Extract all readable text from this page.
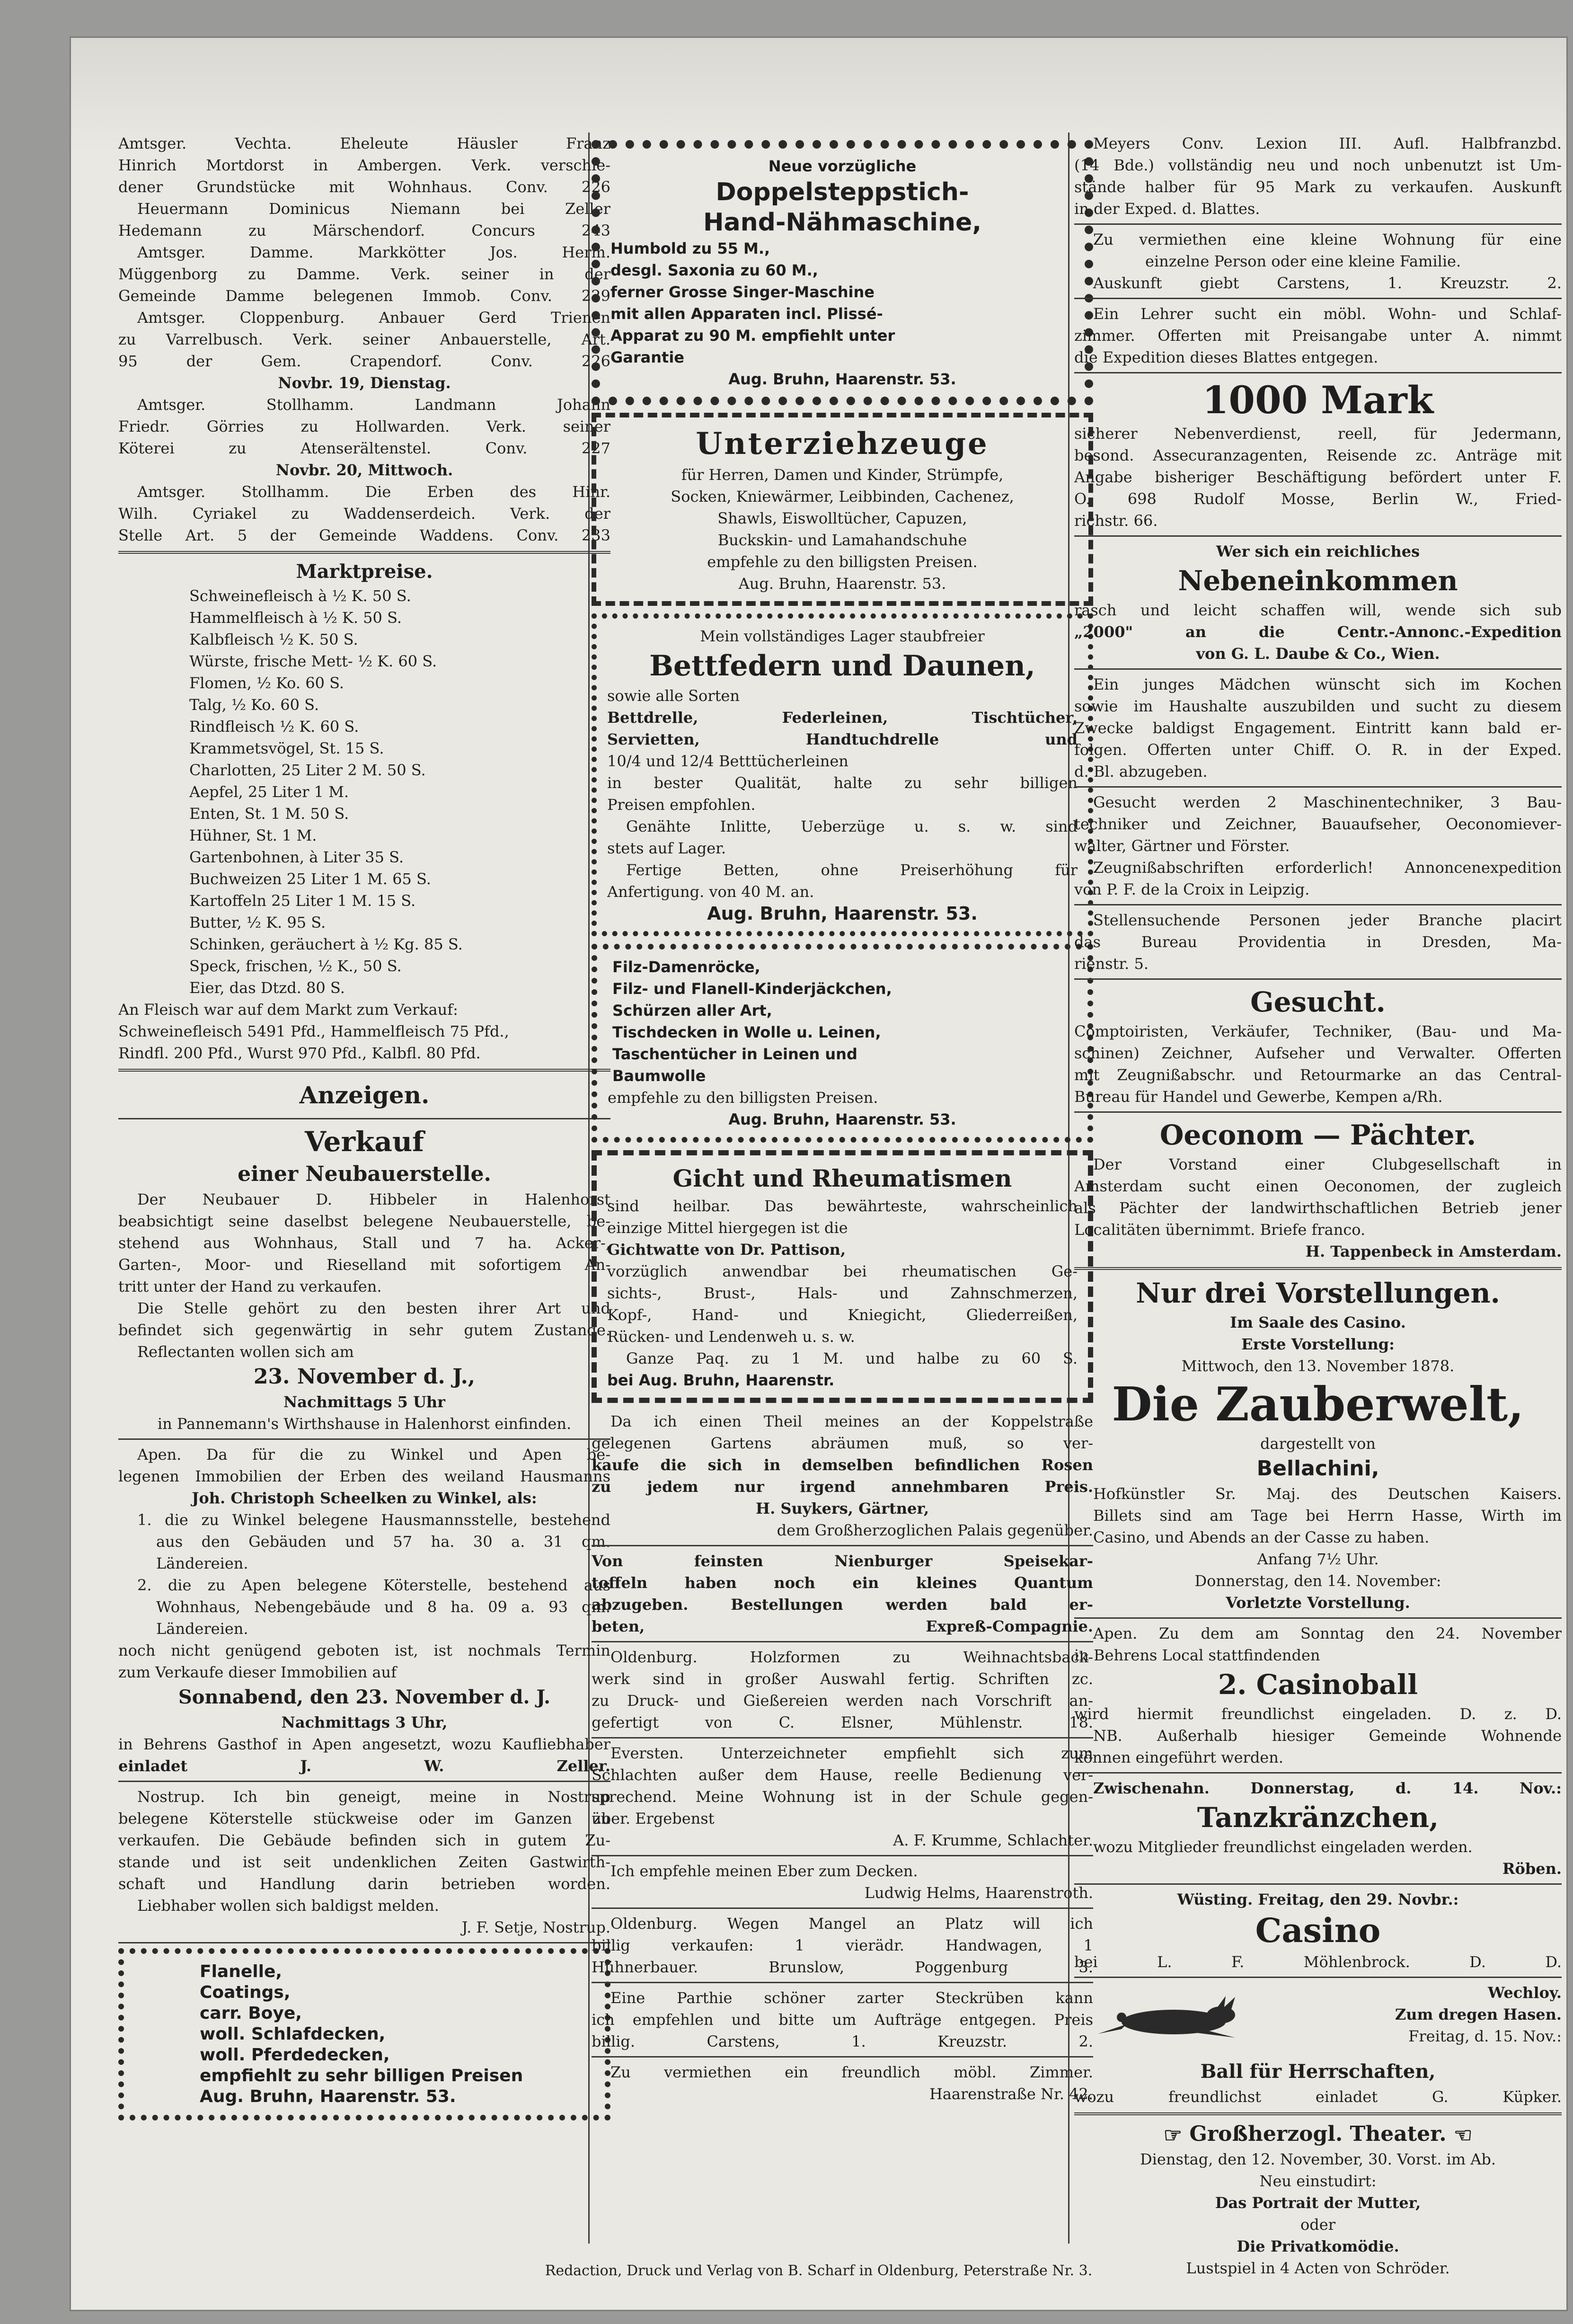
Amtsger. Vechta. Eheleute Häusler Franz

Hinrich Mortdorst in Ambergen. Verk. verschie-

dener Grundstücke mit Wohnhaus. Conv. 226

Heuermann Dominicus Niemann bei Zeller

Hedemann zu Märschendorf. Concurs 243

Amtsger. Damme. Markkötter Jos. Herm.

Müggenborg zu Damme. Verk. seiner in der

Gemeinde Damme belegenen Immob. Conv. 229

Amtsger. Cloppenburg. Anbauer Gerd Trienen

zu Varrelbusch. Verk. seiner Anbauerstelle, Art.

95 der Gem. Crapendorf. Conv. 226

Novbr. 19, Dienstag.

Amtsger. Stollhamm. Landmann Johann

Friedr. Görries zu Hollwarden. Verk. seiner

Köterei zu Atenserältenstel. Conv. 227

Novbr. 20, Mittwoch.

Amtsger. Stollhamm. Die Erben des Hinr.

Wilh. Cyriakel zu Waddenserdeich. Verk. der

Stelle Art. 5 der Gemeinde Waddens. Conv. 233

Marktpreise.

Schweinefleisch à ½ K. 50 S.

Hammelfleisch à ½ K. 50 S.

Kalbfleisch ½ K. 50 S.

Würste, frische Mett- ½ K. 60 S.

Flomen, ½ Ko. 60 S.

Talg, ½ Ko. 60 S.

Rindfleisch ½ K. 60 S.

Krammetsvögel, St. 15 S.

Charlotten, 25 Liter 2 M. 50 S.

Aepfel, 25 Liter 1 M.

Enten, St. 1 M. 50 S.

Hühner, St. 1 M.

Gartenbohnen, à Liter 35 S.

Buchweizen 25 Liter 1 M. 65 S.

Kartoffeln 25 Liter 1 M. 15 S.

Butter, ½ K. 95 S.

Schinken, geräuchert à ½ Kg. 85 S.

Speck, frischen, ½ K., 50 S.

Eier, das Dtzd. 80 S.

An Fleisch war auf dem Markt zum Verkauf:

Schweinefleisch 5491 Pfd., Hammelfleisch 75 Pfd.,

Rindfl. 200 Pfd., Wurst 970 Pfd., Kalbfl. 80 Pfd.

Anzeigen.

Verkauf

einer Neubauerstelle.

Der Neubauer D. Hibbeler in Halenhorst

beabsichtigt seine daselbst belegene Neubauerstelle, be-

stehend aus Wohnhaus, Stall und 7 ha. Acker-,

Garten-, Moor- und Rieselland mit sofortigem An-

tritt unter der Hand zu verkaufen.

Die Stelle gehört zu den besten ihrer Art und

befindet sich gegenwärtig in sehr gutem Zustande.

Reflectanten wollen sich am

23. November d. J.,

Nachmittags 5 Uhr

in Pannemann's Wirthshause in Halenhorst einfinden.

Apen. Da für die zu Winkel und Apen be-

legenen Immobilien der Erben des weiland Hausmanns

Joh. Christoph Scheelken zu Winkel, als:

1. die zu Winkel belegene Hausmannsstelle, bestehend

aus den Gebäuden und 57 ha. 30 a. 31 qm.

Ländereien.

2. die zu Apen belegene Köterstelle, bestehend aus

Wohnhaus, Nebengebäude und 8 ha. 09 a. 93 qm.

Ländereien.

noch nicht genügend geboten ist, ist nochmals Termin

zum Verkaufe dieser Immobilien auf

Sonnabend, den 23. November d. J.

Nachmittags 3 Uhr,

in Behrens Gasthof in Apen angesetzt, wozu Kaufliebhaber

einladet J. W. Zeller.

Nostrup. Ich bin geneigt, meine in Nostrup

belegene Köterstelle stückweise oder im Ganzen zu

verkaufen. Die Gebäude befinden sich in gutem Zu-

stande und ist seit undenklichen Zeiten Gastwirth-

schaft und Handlung darin betrieben worden.

Liebhaber wollen sich baldigst melden.

J. F. Setje, Nostrup.

Flanelle,

Coatings,

carr. Boye,

woll. Schlafdecken,

woll. Pferdedecken,

empfiehlt zu sehr billigen Preisen

Aug. Bruhn, Haarenstr. 53.

Neue vorzügliche

Doppelsteppstich-

Hand-Nähmaschine,

Humbold zu 55 M.,

desgl. Saxonia zu 60 M.,

ferner Grosse Singer-Maschine

mit allen Apparaten incl. Plissé-

Apparat zu 90 M. empfiehlt unter

Garantie

Aug. Bruhn, Haarenstr. 53.

Unterziehzeuge

für Herren, Damen und Kinder, Strümpfe,

Socken, Kniewärmer, Leibbinden, Cachenez,

Shawls, Eiswolltücher, Capuzen,

Buckskin- und Lamahandschuhe

empfehle zu den billigsten Preisen.

Aug. Bruhn, Haarenstr. 53.

Mein vollständiges Lager staubfreier

Bettfedern und Daunen,

sowie alle Sorten

Bettdrelle, Federleinen, Tischtücher,

Servietten, Handtuchdrelle und

10/4 und 12/4 Betttücherleinen

in bester Qualität, halte zu sehr billigen

Preisen empfohlen.

Genähte Inlitte, Ueberzüge u. s. w. sind

stets auf Lager.

Fertige Betten, ohne Preiserhöhung für

Anfertigung. von 40 M. an.

Aug. Bruhn, Haarenstr. 53.

Filz-Damenröcke,

Filz- und Flanell-Kinderjäckchen,

Schürzen aller Art,

Tischdecken in Wolle u. Leinen,

Taschentücher in Leinen und

Baumwolle

empfehle zu den billigsten Preisen.

Aug. Bruhn, Haarenstr. 53.

Gicht und Rheumatismen

sind heilbar. Das bewährteste, wahrscheinlich

einzige Mittel hiergegen ist die

Gichtwatte von Dr. Pattison,

vorzüglich anwendbar bei rheumatischen Ge-

sichts-, Brust-, Hals- und Zahnschmerzen,

Kopf-, Hand- und Kniegicht, Gliederreißen,

Rücken- und Lendenweh u. s. w.

Ganze Paq. zu 1 M. und halbe zu 60 S.

bei Aug. Bruhn, Haarenstr.

Da ich einen Theil meines an der Koppelstraße

gelegenen Gartens abräumen muß, so ver-

kaufe die sich in demselben befindlichen Rosen

zu jedem nur irgend annehmbaren Preis.

H. Suykers, Gärtner,

dem Großherzoglichen Palais gegenüber.

Von feinsten Nienburger Speisekar-

toffeln haben noch ein kleines Quantum

abzugeben. Bestellungen werden bald er-

beten, Expreß-Compagnie.

Oldenburg. Holzformen zu Weihnachtsback-

werk sind in großer Auswahl fertig. Schriften zc.

zu Druck- und Gießereien werden nach Vorschrift an-

gefertigt von C. Elsner, Mühlenstr. 18.

Eversten. Unterzeichneter empfiehlt sich zum

Schlachten außer dem Hause, reelle Bedienung ver-

sprechend. Meine Wohnung ist in der Schule gegen-

über. Ergebenst

A. F. Krumme, Schlachter.

Ich empfehle meinen Eber zum Decken.

Ludwig Helms, Haarenstroth.

Oldenburg. Wegen Mangel an Platz will ich

billig verkaufen: 1 vierädr. Handwagen, 1

Hühnerbauer. Brunslow, Poggenburg 3.

Eine Parthie schöner zarter Steckrüben kann

ich empfehlen und bitte um Aufträge entgegen. Preis

billig. Carstens, 1. Kreuzstr. 2.

Zu vermiethen ein freundlich möbl. Zimmer.

Haarenstraße Nr. 42.

Meyers Conv. Lexion III. Aufl. Halbfranzbd.

(14 Bde.) vollständig neu und noch unbenutzt ist Um-

stände halber für 95 Mark zu verkaufen. Auskunft

in der Exped. d. Blattes.

Zu vermiethen eine kleine Wohnung für eine

einzelne Person oder eine kleine Familie.

Auskunft giebt Carstens, 1. Kreuzstr. 2.

Ein Lehrer sucht ein möbl. Wohn- und Schlaf-

zimmer. Offerten mit Preisangabe unter A. nimmt

die Expedition dieses Blattes entgegen.

1000 Mark

sicherer Nebenverdienst, reell, für Jedermann,

besond. Assecuranzagenten, Reisende zc. Anträge mit

Angabe bisheriger Beschäftigung befördert unter F.

O. 698 Rudolf Mosse, Berlin W., Fried-

richstr. 66.

Wer sich ein reichliches

Nebeneinkommen

rasch und leicht schaffen will, wende sich sub

„2000" an die Centr.-Annonc.-Expedition

von G. L. Daube & Co., Wien.

Ein junges Mädchen wünscht sich im Kochen

sowie im Haushalte auszubilden und sucht zu diesem

Zwecke baldigst Engagement. Eintritt kann bald er-

folgen. Offerten unter Chiff. O. R. in der Exped.

d. Bl. abzugeben.

Gesucht werden 2 Maschinentechniker, 3 Bau-

techniker und Zeichner, Bauaufseher, Oeconomiever-

walter, Gärtner und Förster.

Zeugnißabschriften erforderlich! Annoncenexpedition

von P. F. de la Croix in Leipzig.

Stellensuchende Personen jeder Branche placirt

das Bureau Providentia in Dresden, Ma-

rienstr. 5.

Gesucht.

Comptoiristen, Verkäufer, Techniker, (Bau- und Ma-

schinen) Zeichner, Aufseher und Verwalter. Offerten

mit Zeugnißabschr. und Retourmarke an das Central-

Bureau für Handel und Gewerbe, Kempen a/Rh.

Oeconom — Pächter.

Der Vorstand einer Clubgesellschaft in

Amsterdam sucht einen Oeconomen, der zugleich

als Pächter der landwirthschaftlichen Betrieb jener

Localitäten übernimmt. Briefe franco.

H. Tappenbeck in Amsterdam.

Nur drei Vorstellungen.

Im Saale des Casino.

Erste Vorstellung:

Mittwoch, den 13. November 1878.

Die Zauberwelt,

dargestellt von

Bellachini,

Hofkünstler Sr. Maj. des Deutschen Kaisers.

Billets sind am Tage bei Herrn Hasse, Wirth im

Casino, und Abends an der Casse zu haben.

Anfang 7½ Uhr.

Donnerstag, den 14. November:

Vorletzte Vorstellung.

Apen. Zu dem am Sonntag den 24. November

in Behrens Local stattfindenden

2. Casinoball

wird hiermit freundlichst eingeladen. D. z. D.

NB. Außerhalb hiesiger Gemeinde Wohnende

können eingeführt werden.

Zwischenahn. Donnerstag, d. 14. Nov.:

Tanzkränzchen,

wozu Mitglieder freundlichst eingeladen werden.

Röben.

Wüsting. Freitag, den 29. Novbr.:

Casino

bei L. F. Möhlenbrock. D. D.

Wechloy.

Zum dregen Hasen.

Freitag, d. 15. Nov.:

Ball für Herrschaften,

wozu freundlichst einladet G. Küpker.

☞ Großherzogl. Theater. ☜

Dienstag, den 12. November, 30. Vorst. im Ab.

Neu einstudirt:

Das Portrait der Mutter,

oder

Die Privatkomödie.

Lustspiel in 4 Acten von Schröder.

Redaction, Druck und Verlag von B. Scharf in Oldenburg, Peterstraße Nr. 3.
